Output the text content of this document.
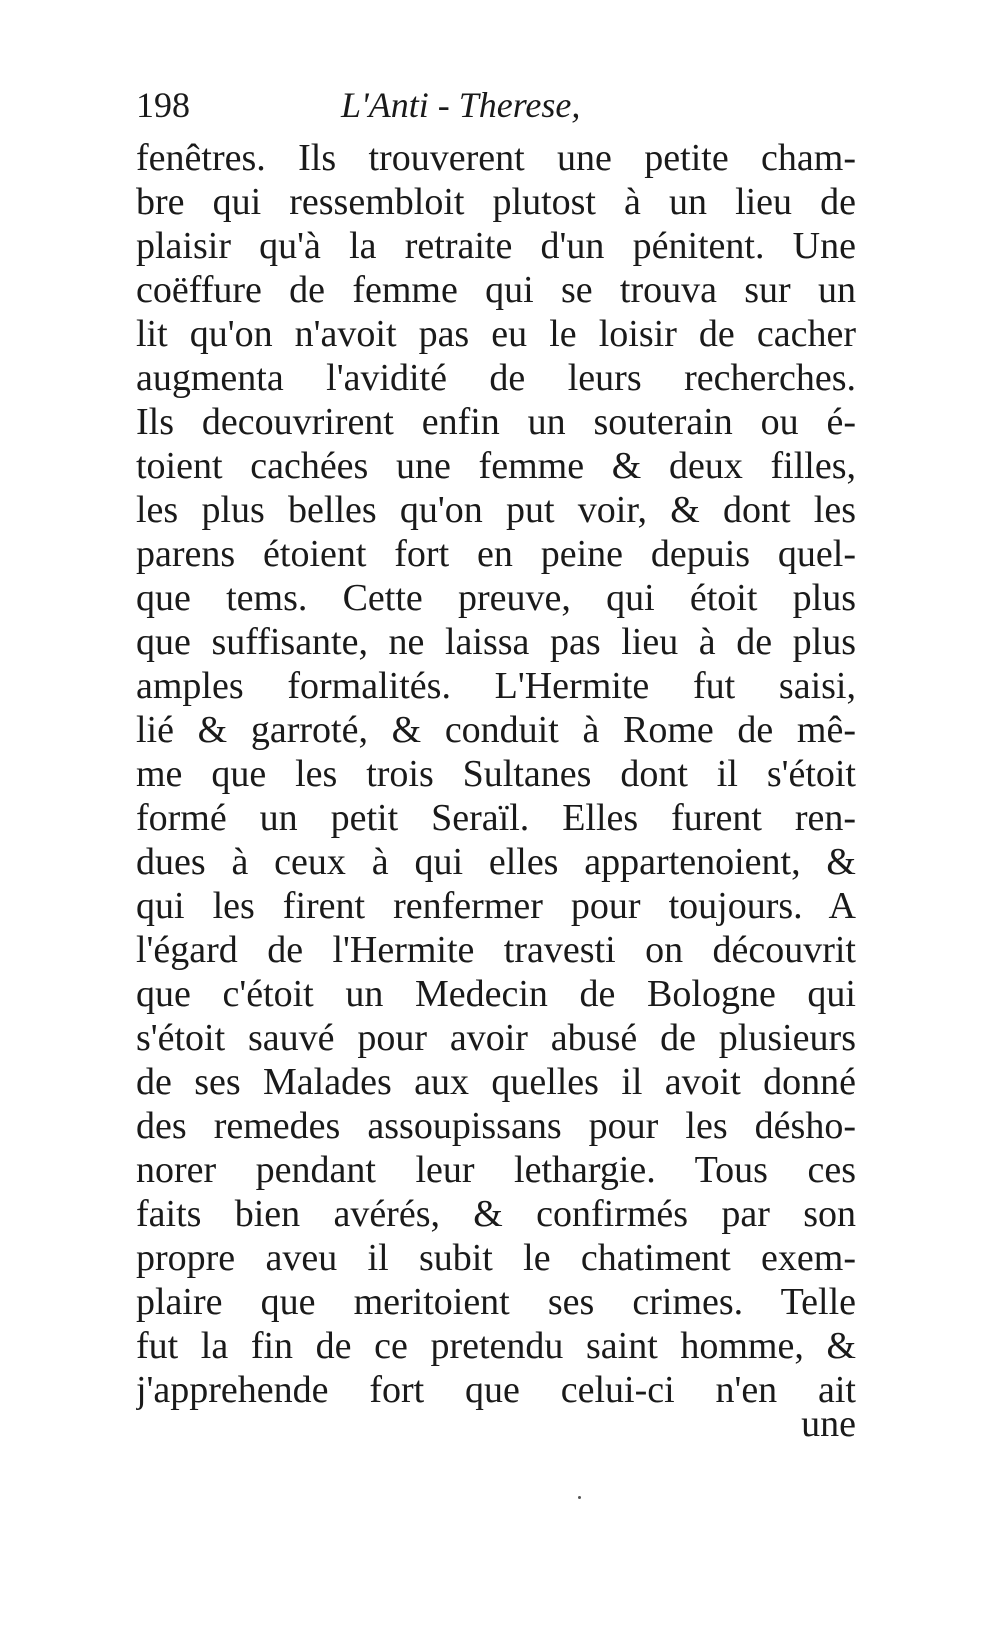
198	L'Anti - Therese,
fenêtres. Ils trouverent une petite cham-
bre qui ressembloit plutost à un lieu de
plaisir qu'à la retraite d'un pénitent. Une
coëffure de femme qui se trouva sur un
lit qu'on n'avoit pas eu le loisir de cacher
augmenta l'avidité de leurs recherches.
Ils decouvrirent enfin un souterain ou é-
toient cachées une femme & deux filles,
les plus belles qu'on put voir, & dont les
parens étoient fort en peine depuis quel-
que tems. Cette preuve, qui étoit plus
que suffisante, ne laissa pas lieu à de plus
amples formalités. L'Hermite fut saisi,
lié & garroté, & conduit à Rome de mê-
me que les trois Sultanes dont il s'étoit
formé un petit Seraïl. Elles furent ren-
dues à ceux à qui elles appartenoient, &
qui les firent renfermer pour toujours. A
l'égard de l'Hermite travesti on découvrit
que c'étoit un Medecin de Bologne qui
s'étoit sauvé pour avoir abusé de plusieurs
de ses Malades aux quelles il avoit donné
des remedes assoupissans pour les désho-
norer pendant leur lethargie. Tous ces
faits bien avérés, & confirmés par son
propre aveu il subit le chatiment exem-
plaire que meritoient ses crimes. Telle
fut la fin de ce pretendu saint homme, &
j'apprehende fort que celui-ci n'en ait
une
